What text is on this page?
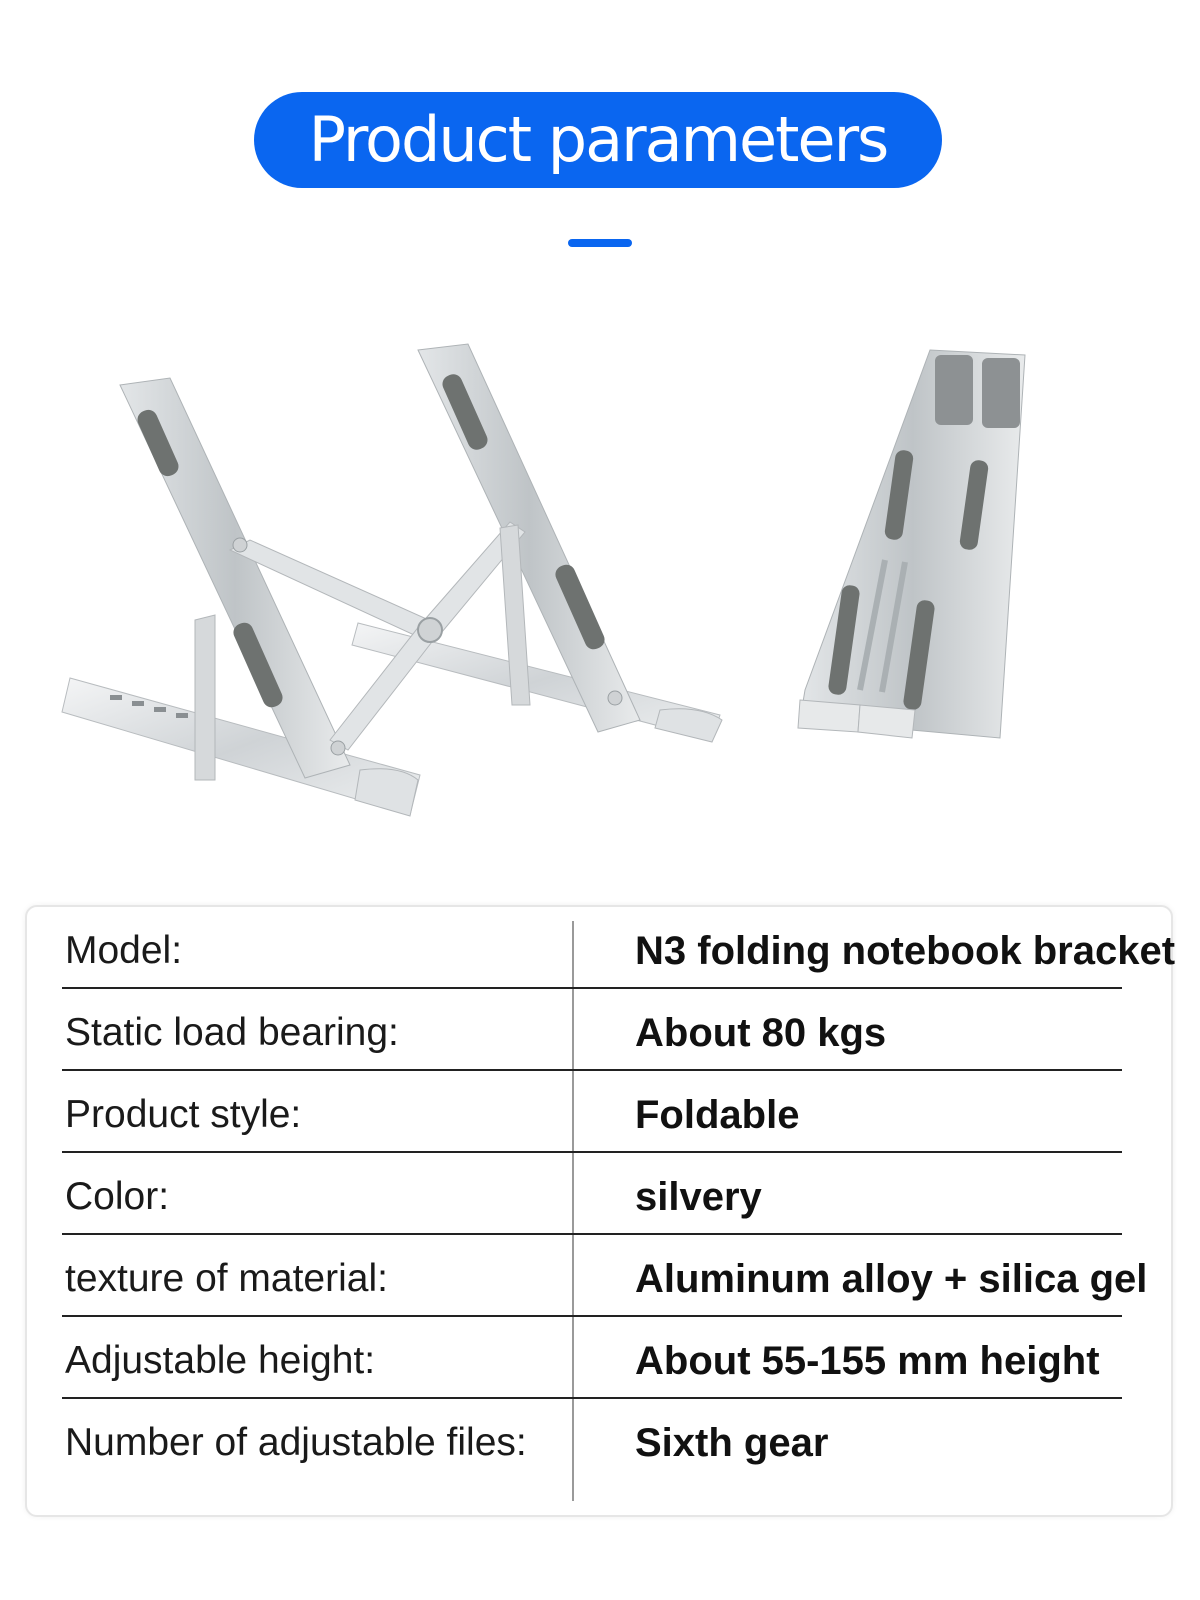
Product parameters
Model:	N3 folding notebook bracket
Static load bearing:	About 80 kgs
Product style:	Foldable
Color:	silvery
texture of material:	Aluminum alloy + silica gel
Adjustable height:	About 55-155 mm height
Number of adjustable files:	Sixth gear
